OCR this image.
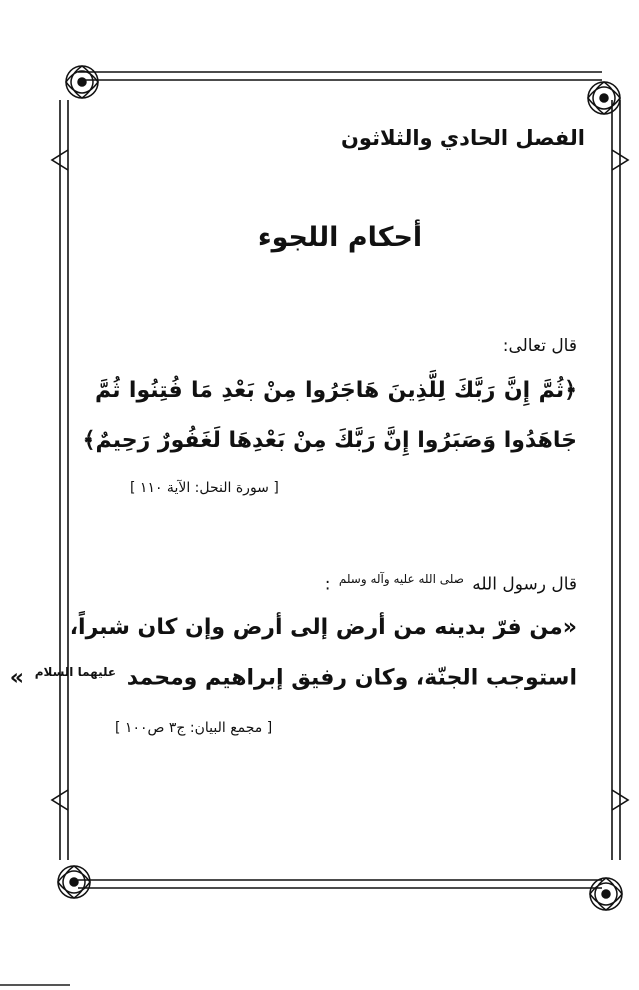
الفصل الحادي والثلاثون
أحكام اللجوء
قال تعالى:
﴿ثُمَّ إِنَّ رَبَّكَ لِلَّذِينَ هَاجَرُوا مِنْ بَعْدِ مَا فُتِنُوا ثُمَّ
جَاهَدُوا وَصَبَرُوا إِنَّ رَبَّكَ مِنْ بَعْدِهَا لَغَفُورٌ رَحِيمٌ﴾
[ سورة النحل: الآية ١١٠ ]
قال رسول الله $^{صلى الله عليه وآله وسلم}$ :
«من فرّ بدينه من أرض إلى أرض وإن كان شبراً،
استوجب الجنّة، وكان رفيق إبراهيم ومحمد $^{عليهما السلام}$ »
[ مجمع البيان: ج٣ ص١٠٠ ]
